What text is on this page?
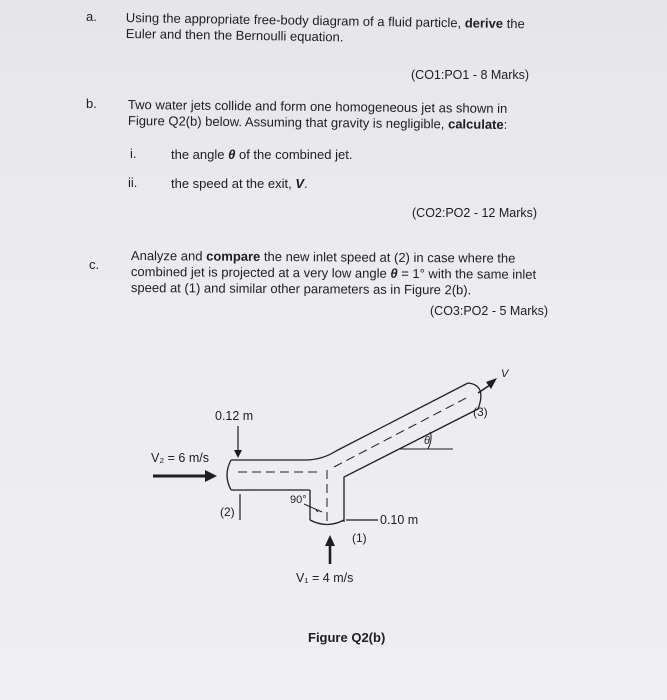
a. Using the appropriate free-body diagram of a fluid particle, derive the
Euler and then the Bernoulli equation.
(CO1:PO1 - 8 Marks)
b. Two water jets collide and form one homogeneous jet as shown in
Figure Q2(b) below. Assuming that gravity is negligible, calculate:
i.	the angle θ of the combined jet.
ii.	the speed at the exit, V.
(CO2:PO2 - 12 Marks)
c.
Analyze and compare the new inlet speed at (2) in case where the
combined jet is projected at a very low angle θ = 1° with the same inlet
speed at (1) and similar other parameters as in Figure 2(b).
(CO3:PO2 - 5 Marks)
0.12 m
V₂ = 6 m/s
(2)
90°
0.10 m
(1)
V₁ = 4 m/s
(3)
θ
V
Figure Q2(b)
